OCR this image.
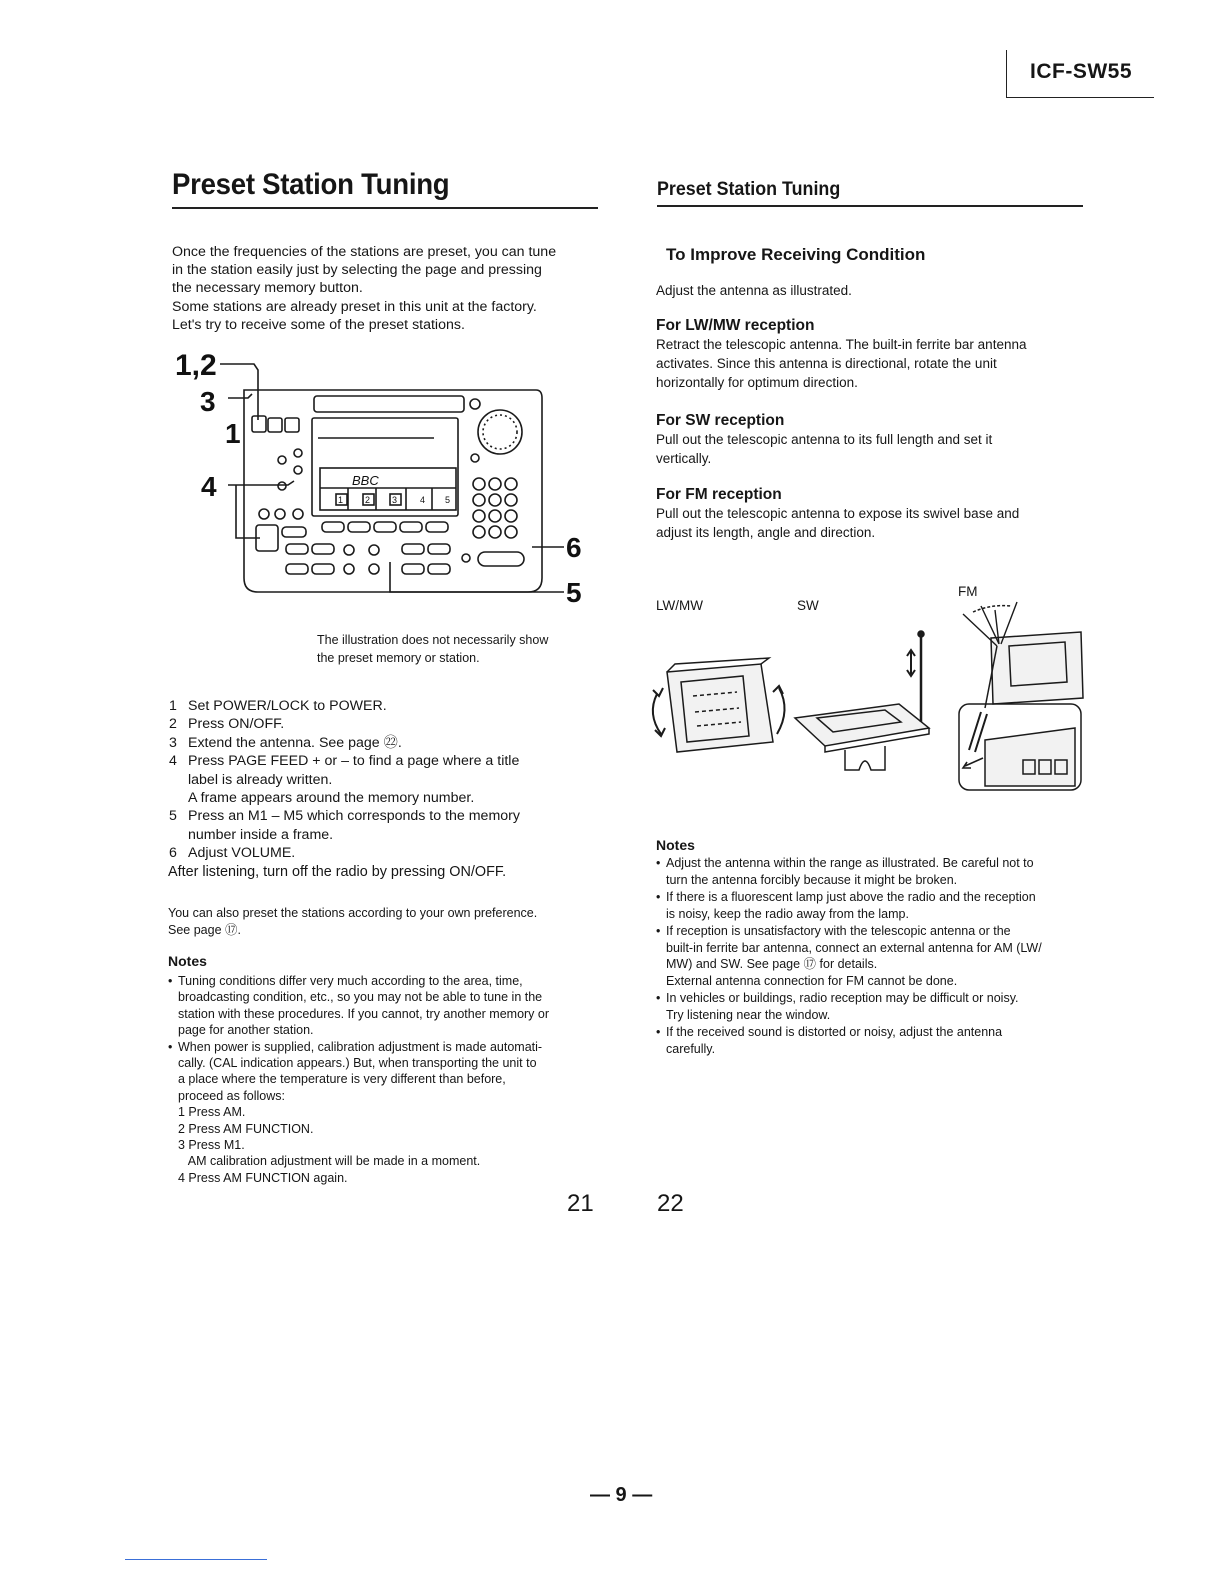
ICF-SW55
Preset Station Tuning
Once the frequencies of the stations are preset, you can tune
in the station easily just by selecting the page and pressing
the necessary memory button.
Some stations are already preset in this unit at the factory.
Let's try to receive some of the preset stations.
1,2
3
1
4
6
5
BBC
1 2 3	4 5
The illustration does not necessarily show
the preset memory or station.
1 Set POWER/LOCK to POWER.
2 Press ON/OFF.
3 Extend the antenna. See page ㉒.
4 Press PAGE FEED + or – to find a page where a title
label is already written.
A frame appears around the memory number.
5 Press an M1 – M5 which corresponds to the memory
number inside a frame.
6 Adjust VOLUME.
After listening, turn off the radio by pressing ON/OFF.
You can also preset the stations according to your own preference.
See page ⑰.
Notes
• Tuning conditions differ very much according to the area, time,
broadcasting condition, etc., so you may not be able to tune in the
station with these procedures. If you cannot, try another memory or
page for another station.
• When power is supplied, calibration adjustment is made automati-
cally. (CAL indication appears.) But, when transporting the unit to
a place where the temperature is very different than before,
proceed as follows:
1 Press AM.
2 Press AM FUNCTION.
3 Press M1.
AM calibration adjustment will be made in a moment.
4 Press AM FUNCTION again.
21
Preset Station Tuning
To Improve Receiving Condition
Adjust the antenna as illustrated.
For LW/MW reception
Retract the telescopic antenna. The built-in ferrite bar antenna
activates. Since this antenna is directional, rotate the unit
horizontally for optimum direction.
For SW reception
Pull out the telescopic antenna to its full length and set it
vertically.
For FM reception
Pull out the telescopic antenna to expose its swivel base and
adjust its length, angle and direction.
LW/MW	SW
FM
Notes
• Adjust the antenna within the range as illustrated. Be careful not to
turn the antenna forcibly because it might be broken.
• If there is a fluorescent lamp just above the radio and the reception
is noisy, keep the radio away from the lamp.
• If reception is unsatisfactory with the telescopic antenna or the
built-in ferrite bar antenna, connect an external antenna for AM (LW/
MW) and SW. See page ⑰ for details.
External antenna connection for FM cannot be done.
• In vehicles or buildings, radio reception may be difficult or noisy.
Try listening near the window.
• If the received sound is distorted or noisy, adjust the antenna
carefully.
22
— 9 —
